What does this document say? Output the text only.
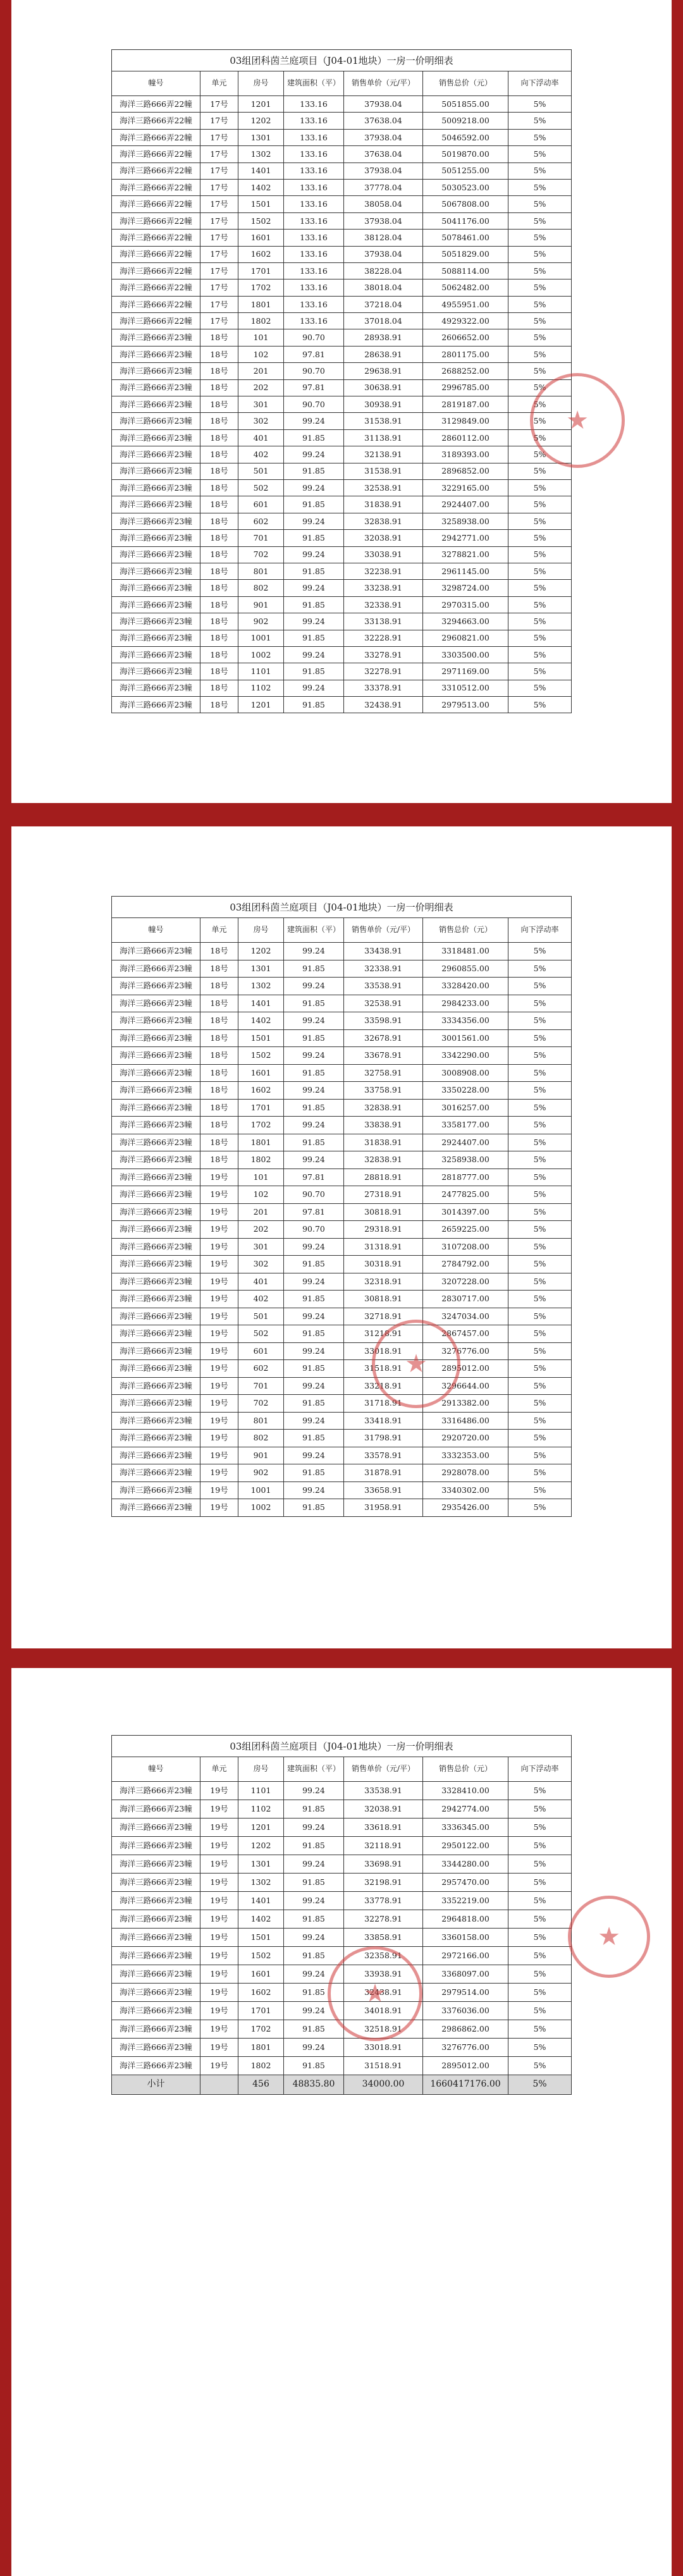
03组团科茵兰庭项目（J04-01地块）一房一价明细表
幢号	单元	房号	建筑面积（平）	销售单价（元/平）	销售总价（元）	向下浮动率
海洋三路666弄22幢	17号	1201	133.16	37938.04	5051855.00	5%
海洋三路666弄22幢	17号	1202	133.16	37638.04	5009218.00	5%
海洋三路666弄22幢	17号	1301	133.16	37938.04	5046592.00	5%
海洋三路666弄22幢	17号	1302	133.16	37638.04	5019870.00	5%
海洋三路666弄22幢	17号	1401	133.16	37938.04	5051255.00	5%
海洋三路666弄22幢	17号	1402	133.16	37778.04	5030523.00	5%
海洋三路666弄22幢	17号	1501	133.16	38058.04	5067808.00	5%
海洋三路666弄22幢	17号	1502	133.16	37938.04	5041176.00	5%
海洋三路666弄22幢	17号	1601	133.16	38128.04	5078461.00	5%
海洋三路666弄22幢	17号	1602	133.16	37938.04	5051829.00	5%
海洋三路666弄22幢	17号	1701	133.16	38228.04	5088114.00	5%
海洋三路666弄22幢	17号	1702	133.16	38018.04	5062482.00	5%
海洋三路666弄22幢	17号	1801	133.16	37218.04	4955951.00	5%
海洋三路666弄22幢	17号	1802	133.16	37018.04	4929322.00	5%
海洋三路666弄23幢	18号	101	90.70	28938.91	2606652.00	5%
海洋三路666弄23幢	18号	102	97.81	28638.91	2801175.00	5%
海洋三路666弄23幢	18号	201	90.70	29638.91	2688252.00	5%
海洋三路666弄23幢	18号	202	97.81	30638.91	2996785.00	5%
海洋三路666弄23幢	18号	301	90.70	30938.91	2819187.00	5%
海洋三路666弄23幢	18号	302	99.24	31538.91	3129849.00	5%
海洋三路666弄23幢	18号	401	91.85	31138.91	2860112.00	5%
海洋三路666弄23幢	18号	402	99.24	32138.91	3189393.00	5%
海洋三路666弄23幢	18号	501	91.85	31538.91	2896852.00	5%
海洋三路666弄23幢	18号	502	99.24	32538.91	3229165.00	5%
海洋三路666弄23幢	18号	601	91.85	31838.91	2924407.00	5%
海洋三路666弄23幢	18号	602	99.24	32838.91	3258938.00	5%
海洋三路666弄23幢	18号	701	91.85	32038.91	2942771.00	5%
海洋三路666弄23幢	18号	702	99.24	33038.91	3278821.00	5%
海洋三路666弄23幢	18号	801	91.85	32238.91	2961145.00	5%
海洋三路666弄23幢	18号	802	99.24	33238.91	3298724.00	5%
海洋三路666弄23幢	18号	901	91.85	32338.91	2970315.00	5%
海洋三路666弄23幢	18号	902	99.24	33138.91	3294663.00	5%
海洋三路666弄23幢	18号	1001	91.85	32228.91	2960821.00	5%
海洋三路666弄23幢	18号	1002	99.24	33278.91	3303500.00	5%
海洋三路666弄23幢	18号	1101	91.85	32278.91	2971169.00	5%
海洋三路666弄23幢	18号	1102	99.24	33378.91	3310512.00	5%
海洋三路666弄23幢	18号	1201	91.85	32438.91	2979513.00	5%
★
03组团科茵兰庭项目（J04-01地块）一房一价明细表
幢号	单元	房号	建筑面积（平）	销售单价（元/平）	销售总价（元）	向下浮动率
海洋三路666弄23幢	18号	1202	99.24	33438.91	3318481.00	5%
海洋三路666弄23幢	18号	1301	91.85	32338.91	2960855.00	5%
海洋三路666弄23幢	18号	1302	99.24	33538.91	3328420.00	5%
海洋三路666弄23幢	18号	1401	91.85	32538.91	2984233.00	5%
海洋三路666弄23幢	18号	1402	99.24	33598.91	3334356.00	5%
海洋三路666弄23幢	18号	1501	91.85	32678.91	3001561.00	5%
海洋三路666弄23幢	18号	1502	99.24	33678.91	3342290.00	5%
海洋三路666弄23幢	18号	1601	91.85	32758.91	3008908.00	5%
海洋三路666弄23幢	18号	1602	99.24	33758.91	3350228.00	5%
海洋三路666弄23幢	18号	1701	91.85	32838.91	3016257.00	5%
海洋三路666弄23幢	18号	1702	99.24	33838.91	3358177.00	5%
海洋三路666弄23幢	18号	1801	91.85	31838.91	2924407.00	5%
海洋三路666弄23幢	18号	1802	99.24	32838.91	3258938.00	5%
海洋三路666弄23幢	19号	101	97.81	28818.91	2818777.00	5%
海洋三路666弄23幢	19号	102	90.70	27318.91	2477825.00	5%
海洋三路666弄23幢	19号	201	97.81	30818.91	3014397.00	5%
海洋三路666弄23幢	19号	202	90.70	29318.91	2659225.00	5%
海洋三路666弄23幢	19号	301	99.24	31318.91	3107208.00	5%
海洋三路666弄23幢	19号	302	91.85	30318.91	2784792.00	5%
海洋三路666弄23幢	19号	401	99.24	32318.91	3207228.00	5%
海洋三路666弄23幢	19号	402	91.85	30818.91	2830717.00	5%
海洋三路666弄23幢	19号	501	99.24	32718.91	3247034.00	5%
海洋三路666弄23幢	19号	502	91.85	31218.91	2867457.00	5%
海洋三路666弄23幢	19号	601	99.24	33018.91	3276776.00	5%
海洋三路666弄23幢	19号	602	91.85	31518.91	2895012.00	5%
海洋三路666弄23幢	19号	701	99.24	33218.91	3296644.00	5%
海洋三路666弄23幢	19号	702	91.85	31718.91	2913382.00	5%
海洋三路666弄23幢	19号	801	99.24	33418.91	3316486.00	5%
海洋三路666弄23幢	19号	802	91.85	31798.91	2920720.00	5%
海洋三路666弄23幢	19号	901	99.24	33578.91	3332353.00	5%
海洋三路666弄23幢	19号	902	91.85	31878.91	2928078.00	5%
海洋三路666弄23幢	19号	1001	99.24	33658.91	3340302.00	5%
海洋三路666弄23幢	19号	1002	91.85	31958.91	2935426.00	5%
★
03组团科茵兰庭项目（J04-01地块）一房一价明细表
幢号	单元	房号	建筑面积（平）	销售单价（元/平）	销售总价（元）	向下浮动率
海洋三路666弄23幢	19号	1101	99.24	33538.91	3328410.00	5%
海洋三路666弄23幢	19号	1102	91.85	32038.91	2942774.00	5%
海洋三路666弄23幢	19号	1201	99.24	33618.91	3336345.00	5%
海洋三路666弄23幢	19号	1202	91.85	32118.91	2950122.00	5%
海洋三路666弄23幢	19号	1301	99.24	33698.91	3344280.00	5%
海洋三路666弄23幢	19号	1302	91.85	32198.91	2957470.00	5%
海洋三路666弄23幢	19号	1401	99.24	33778.91	3352219.00	5%
海洋三路666弄23幢	19号	1402	91.85	32278.91	2964818.00	5%
海洋三路666弄23幢	19号	1501	99.24	33858.91	3360158.00	5%
海洋三路666弄23幢	19号	1502	91.85	32358.91	2972166.00	5%
海洋三路666弄23幢	19号	1601	99.24	33938.91	3368097.00	5%
海洋三路666弄23幢	19号	1602	91.85	32438.91	2979514.00	5%
海洋三路666弄23幢	19号	1701	99.24	34018.91	3376036.00	5%
海洋三路666弄23幢	19号	1702	91.85	32518.91	2986862.00	5%
海洋三路666弄23幢	19号	1801	99.24	33018.91	3276776.00	5%
海洋三路666弄23幢	19号	1802	91.85	31518.91	2895012.00	5%
小计		456	48835.80	34000.00	1660417176.00	5%
★
★
搜狐号@搜狐焦点舆网站
